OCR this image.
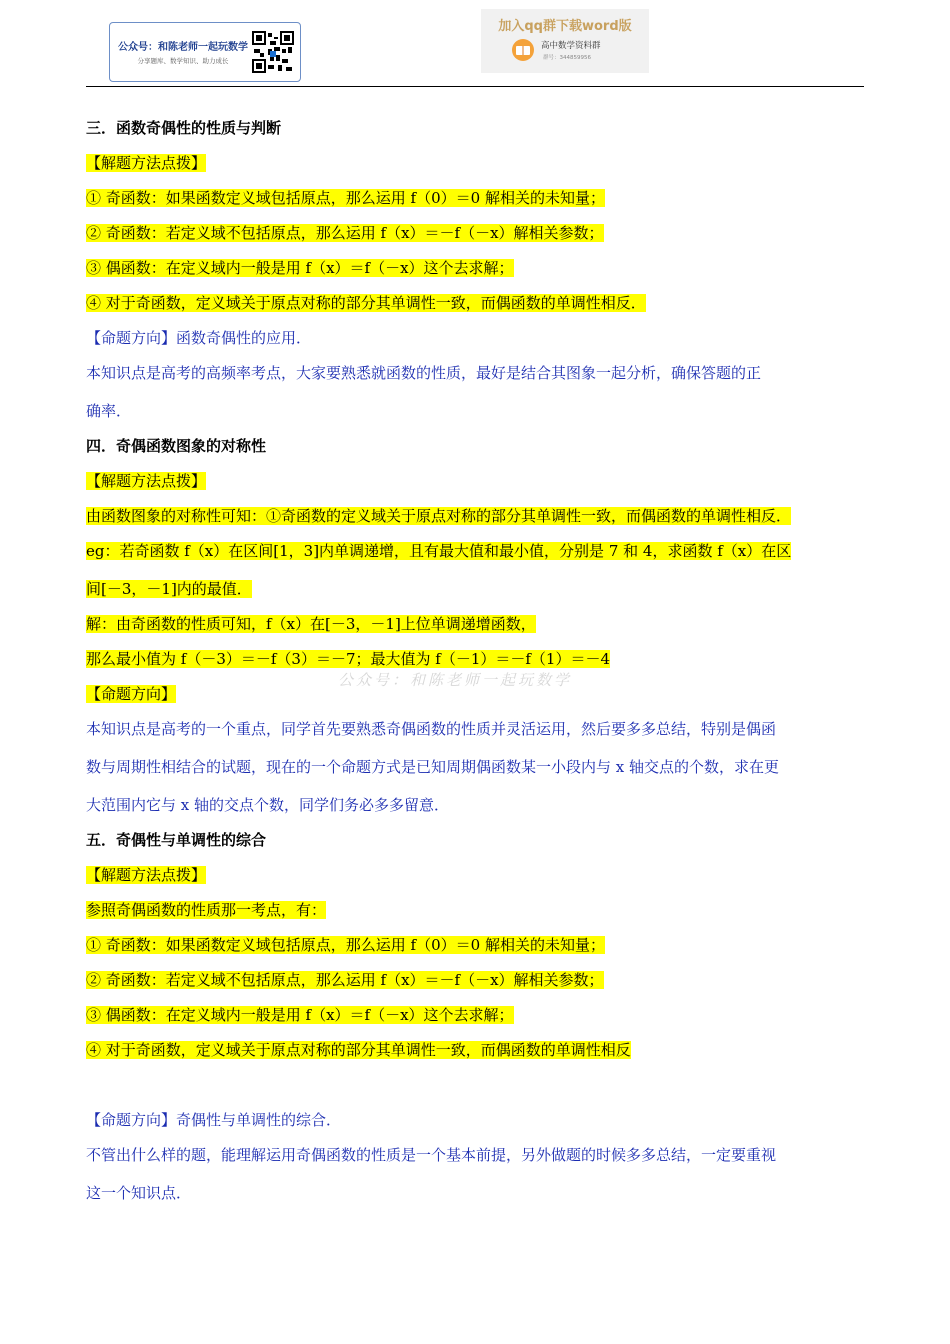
公众号：和陈老师一起玩数学
分享题库、数学知识、助力成长
加入qq群下载word版
高中数学资料群
群号：344859956
公众号：和陈老师一起玩数学
三．函数奇偶性的性质与判断
【解题方法点拨】
① 奇函数：如果函数定义域包括原点，那么运用 f（0）＝0 解相关的未知量；
② 奇函数：若定义域不包括原点，那么运用 f（x）＝－f（－x）解相关参数；
③ 偶函数：在定义域内一般是用 f（x）＝f（－x）这个去求解；
④ 对于奇函数，定义域关于原点对称的部分其单调性一致，而偶函数的单调性相反．
【命题方向】函数奇偶性的应用．
本知识点是高考的高频率考点，大家要熟悉就函数的性质，最好是结合其图象一起分析，确保答题的正
确率．
四．奇偶函数图象的对称性
【解题方法点拨】
由函数图象的对称性可知：①奇函数的定义域关于原点对称的部分其单调性一致，而偶函数的单调性相反．
eg：若奇函数 f（x）在区间[1，3]内单调递增，且有最大值和最小值，分别是 7 和 4，求函数 f（x）在区
间[－3，－1]内的最值．
解：由奇函数的性质可知，f（x）在[－3，－1]上位单调递增函数，
那么最小值为 f（－3）＝－f（3）＝－7；最大值为 f（－1）＝－f（1）＝－4
【命题方向】
本知识点是高考的一个重点，同学首先要熟悉奇偶函数的性质并灵活运用，然后要多多总结，特别是偶函
数与周期性相结合的试题，现在的一个命题方式是已知周期偶函数某一小段内与 x 轴交点的个数，求在更
大范围内它与 x 轴的交点个数，同学们务必多多留意．
五．奇偶性与单调性的综合
【解题方法点拨】
参照奇偶函数的性质那一考点，有：
① 奇函数：如果函数定义域包括原点，那么运用 f（0）＝0 解相关的未知量；
② 奇函数：若定义域不包括原点，那么运用 f（x）＝－f（－x）解相关参数；
③ 偶函数：在定义域内一般是用 f（x）＝f（－x）这个去求解；
④ 对于奇函数，定义域关于原点对称的部分其单调性一致，而偶函数的单调性相反
【命题方向】奇偶性与单调性的综合．
不管出什么样的题，能理解运用奇偶函数的性质是一个基本前提，另外做题的时候多多总结，一定要重视
这一个知识点．
